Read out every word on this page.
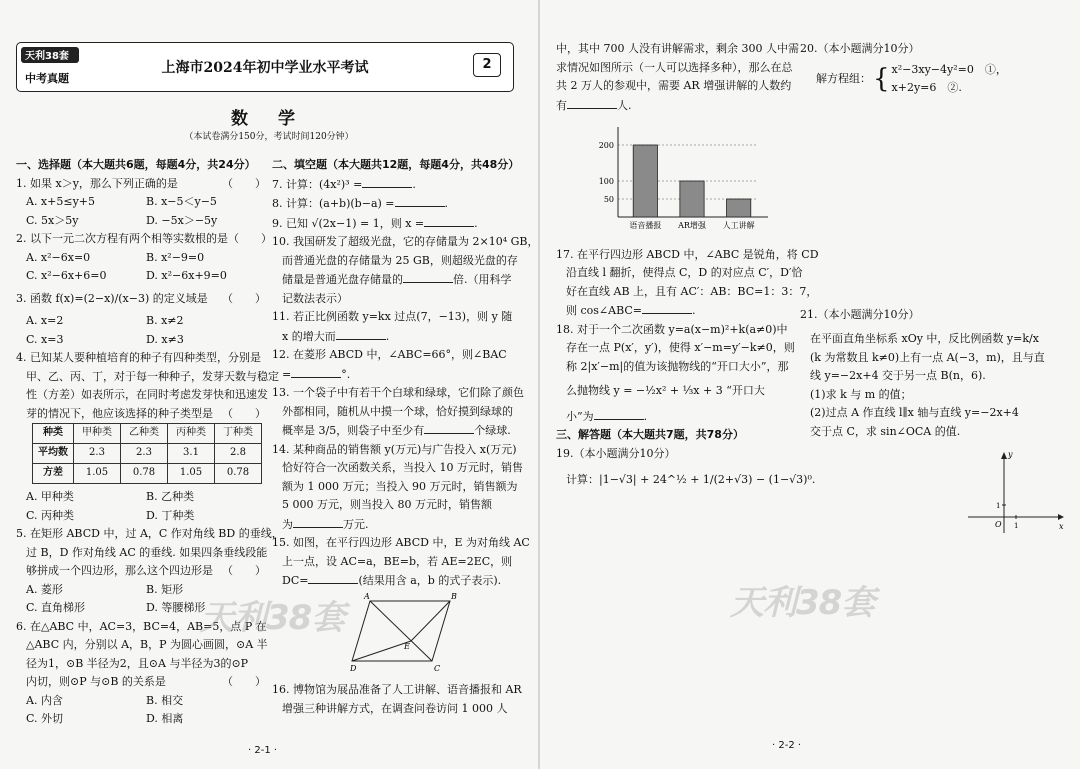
天利38套
中考真题
上海市2024年初中学业水平考试	2
数 学
（本试卷满分150分，考试时间120分钟）

一、选择题（本大题共6题，每题4分，共24分）

1. 如果 x＞y，那么下列正确的是	（　　）

A. x+5≤y+5	B. x−5＜y−5
C. 5x＞5y	D. −5x＞−5y

2. 以下一元二次方程有两个相等实数根的是（　　）

A. x²−6x=0	B. x²−9=0
C. x²−6x+6=0	D. x²−6x+9=0

3. 函数 f(x)=(2−x)/(x−3) 的定义域是 （　　）

A. x=2	B. x≠2
C. x=3	D. x≠3

4. 已知某人要种植培育的种子有四种类型，分别是

甲、乙、丙、丁，对于每一种种子，发芽天数与稳定

性（方差）如表所示，在同时考虑发芽快和迅速发

芽的情况下，他应该选择的种子类型是 （　　）

种类	甲种类	乙种类	丙种类	丁种类
平均数	2.3	2.3	3.1	2.8
方差	1.05	0.78	1.05	0.78
A. 甲种类	B. 乙种类
C. 丙种类	D. 丁种类

5. 在矩形 ABCD 中，过 A，C 作对角线 BD 的垂线，

过 B，D 作对角线 AC 的垂线. 如果四条垂线段能

够拼成一个四边形，那么这个四边形是 （　　）

A. 菱形	B. 矩形
C. 直角梯形	D. 等腰梯形

6. 在△ABC 中，AC=3，BC=4，AB=5，点 P 在

△ABC 内，分别以 A，B，P 为圆心画圆，⊙A 半

径为1，⊙B 半径为2，且⊙A 与半径为3的⊙P

内切，则⊙P 与⊙B 的关系是	（　　）

A. 内含	B. 相交
C. 外切	D. 相离

二、填空题（本大题共12题，每题4分，共48分）

7. 计算：(4x²)³ =	.

8. 计算：(a+b)(b−a) =	.

9. 已知 √(2x−1) = 1，则 x =	.

10. 我国研发了超级光盘，它的存储量为 2×10⁴ GB，

而普通光盘的存储量为 25 GB，则超级光盘的存

储量是普通光盘存储量的	倍.（用科学

记数法表示）

11. 若正比例函数 y=kx 过点(7，−13)，则 y 随

x 的增大而	.

12. 在菱形 ABCD 中，∠ABC=66°，则∠BAC

=	°.

13. 一个袋子中有若干个白球和绿球，它们除了颜色

外都相同，随机从中摸一个球，恰好摸到绿球的

概率是 3/5，则袋子中至少有	个绿球.

14. 某种商品的销售额 y(万元)与广告投入 x(万元)

恰好符合一次函数关系，当投入 10 万元时，销售

额为 1 000 万元；当投入 90 万元时，销售额为

5 000 万元，则当投入 80 万元时，销售额

为	万元.

15. 如图，在平行四边形 ABCD 中，E 为对角线 AC

上一点，设 AC=a，BE=b，若 AE=2EC，则

DC=	(结果用含 a，b 的式子表示).

A	B
C
D
E

16. 博物馆为展品准备了人工讲解、语音播报和 AR

增强三种讲解方式，在调查问卷访问 1 000 人

· 2-1 ·

中，其中 700 人没有讲解需求，剩余 300 人中需

求情况如图所示（一人可以选择多种），那么在总

共 2 万人的参观中，需要 AR 增强讲解的人数约

有	人.

50
100
200
语音播报 AR增强 人工讲解

17. 在平行四边形 ABCD 中，∠ABC 是锐角，将 CD

沿直线 l 翻折，使得点 C，D 的对应点 C′，D′恰

好在直线 AB 上，且有 AC′：AB：BC=1：3：7，

则 cos∠ABC=	.

18. 对于一个二次函数 y=a(x−m)²+k(a≠0)中

存在一点 P(x′，y′)，使得 x′−m=y′−k≠0，则

称 2|x′−m|的值为该抛物线的“开口大小”，那

么抛物线 y = −½x² + ⅓x + 3 “开口大

小”为	.

三、解答题（本大题共7题，共78分）

19.（本小题满分10分）

计算：|1−√3| + 24^½ + 1/(2+√3) − (1−√3)⁰.

天利38套
天利38套
· 2-2 ·

20.（本小题满分10分）

解方程组： { x²−3xy−4y²=0　①，
x+2y=6　②.

21.（本小题满分10分）

在平面直角坐标系 xOy 中，反比例函数 y=k/x

(k 为常数且 k≠0)上有一点 A(−3，m)，且与直

线 y=−2x+4 交于另一点 B(n，6).

(1)求 k 与 m 的值；

(2)过点 A 作直线 l∥x 轴与直线 y=−2x+4

交于点 C，求 sin∠OCA 的值.

y
x
O 1
1
